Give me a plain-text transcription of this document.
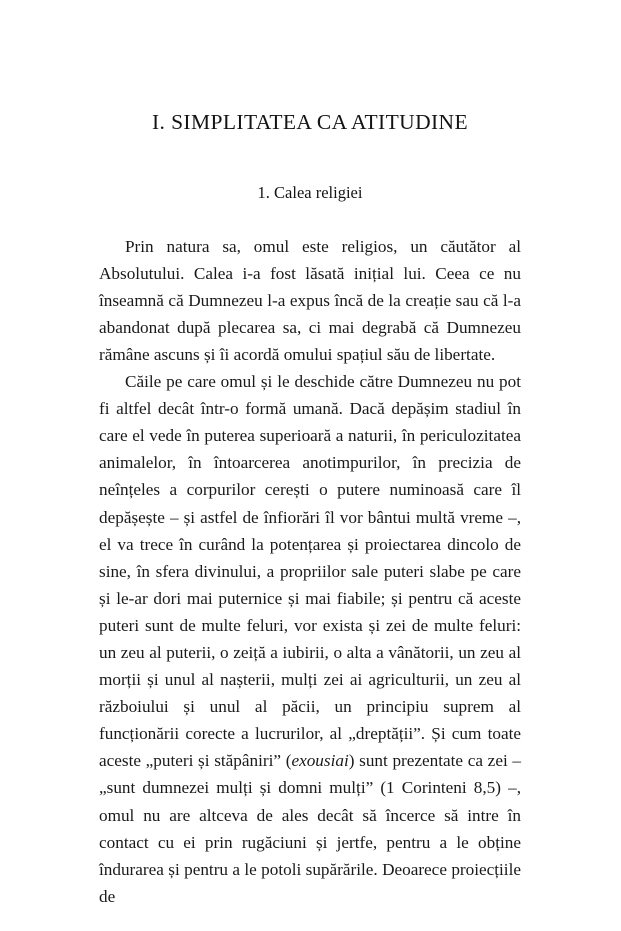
I. SIMPLITATEA CA ATITUDINE
1. Calea religiei

Prin natura sa, omul este religios, un căutător al Absolutului. Calea i-a fost lăsată inițial lui. Ceea ce nu înseamnă că Dumnezeu l-a expus încă de la creație sau că l-a abandonat după plecarea sa, ci mai degrabă că Dumnezeu rămâne ascuns și îi acordă omului spațiul său de libertate.

Căile pe care omul și le deschide către Dumnezeu nu pot fi altfel decât într-o formă umană. Dacă depășim stadiul în care el vede în puterea superioară a naturii, în periculozitatea animalelor, în întoarcerea anotimpurilor, în precizia de neînțeles a corpurilor cerești o putere numinoasă care îl depășește – și astfel de înfiorări îl vor bântui multă vreme –, el va trece în curând la potențarea și proiectarea dincolo de sine, în sfera divinului, a propriilor sale puteri slabe pe care și le-ar dori mai puternice și mai fiabile; și pentru că aceste puteri sunt de multe feluri, vor exista și zei de multe feluri: un zeu al puterii, o zeiță a iubirii, o alta a vânătorii, un zeu al morții și unul al nașterii, mulți zei ai agriculturii, un zeu al războiului și unul al păcii, un principiu suprem al funcționării corecte a lucrurilor, al „dreptății”. Și cum toate aceste „puteri și stăpâniri” (exousiai) sunt prezentate ca zei – „sunt dumnezei mulți și domni mulți” (1 Corinteni 8,5) –, omul nu are altceva de ales decât să încerce să intre în contact cu ei prin rugăciuni și jertfe, pentru a le obține îndurarea și pentru a le potoli supărările. Deoarece proiecțiile de
